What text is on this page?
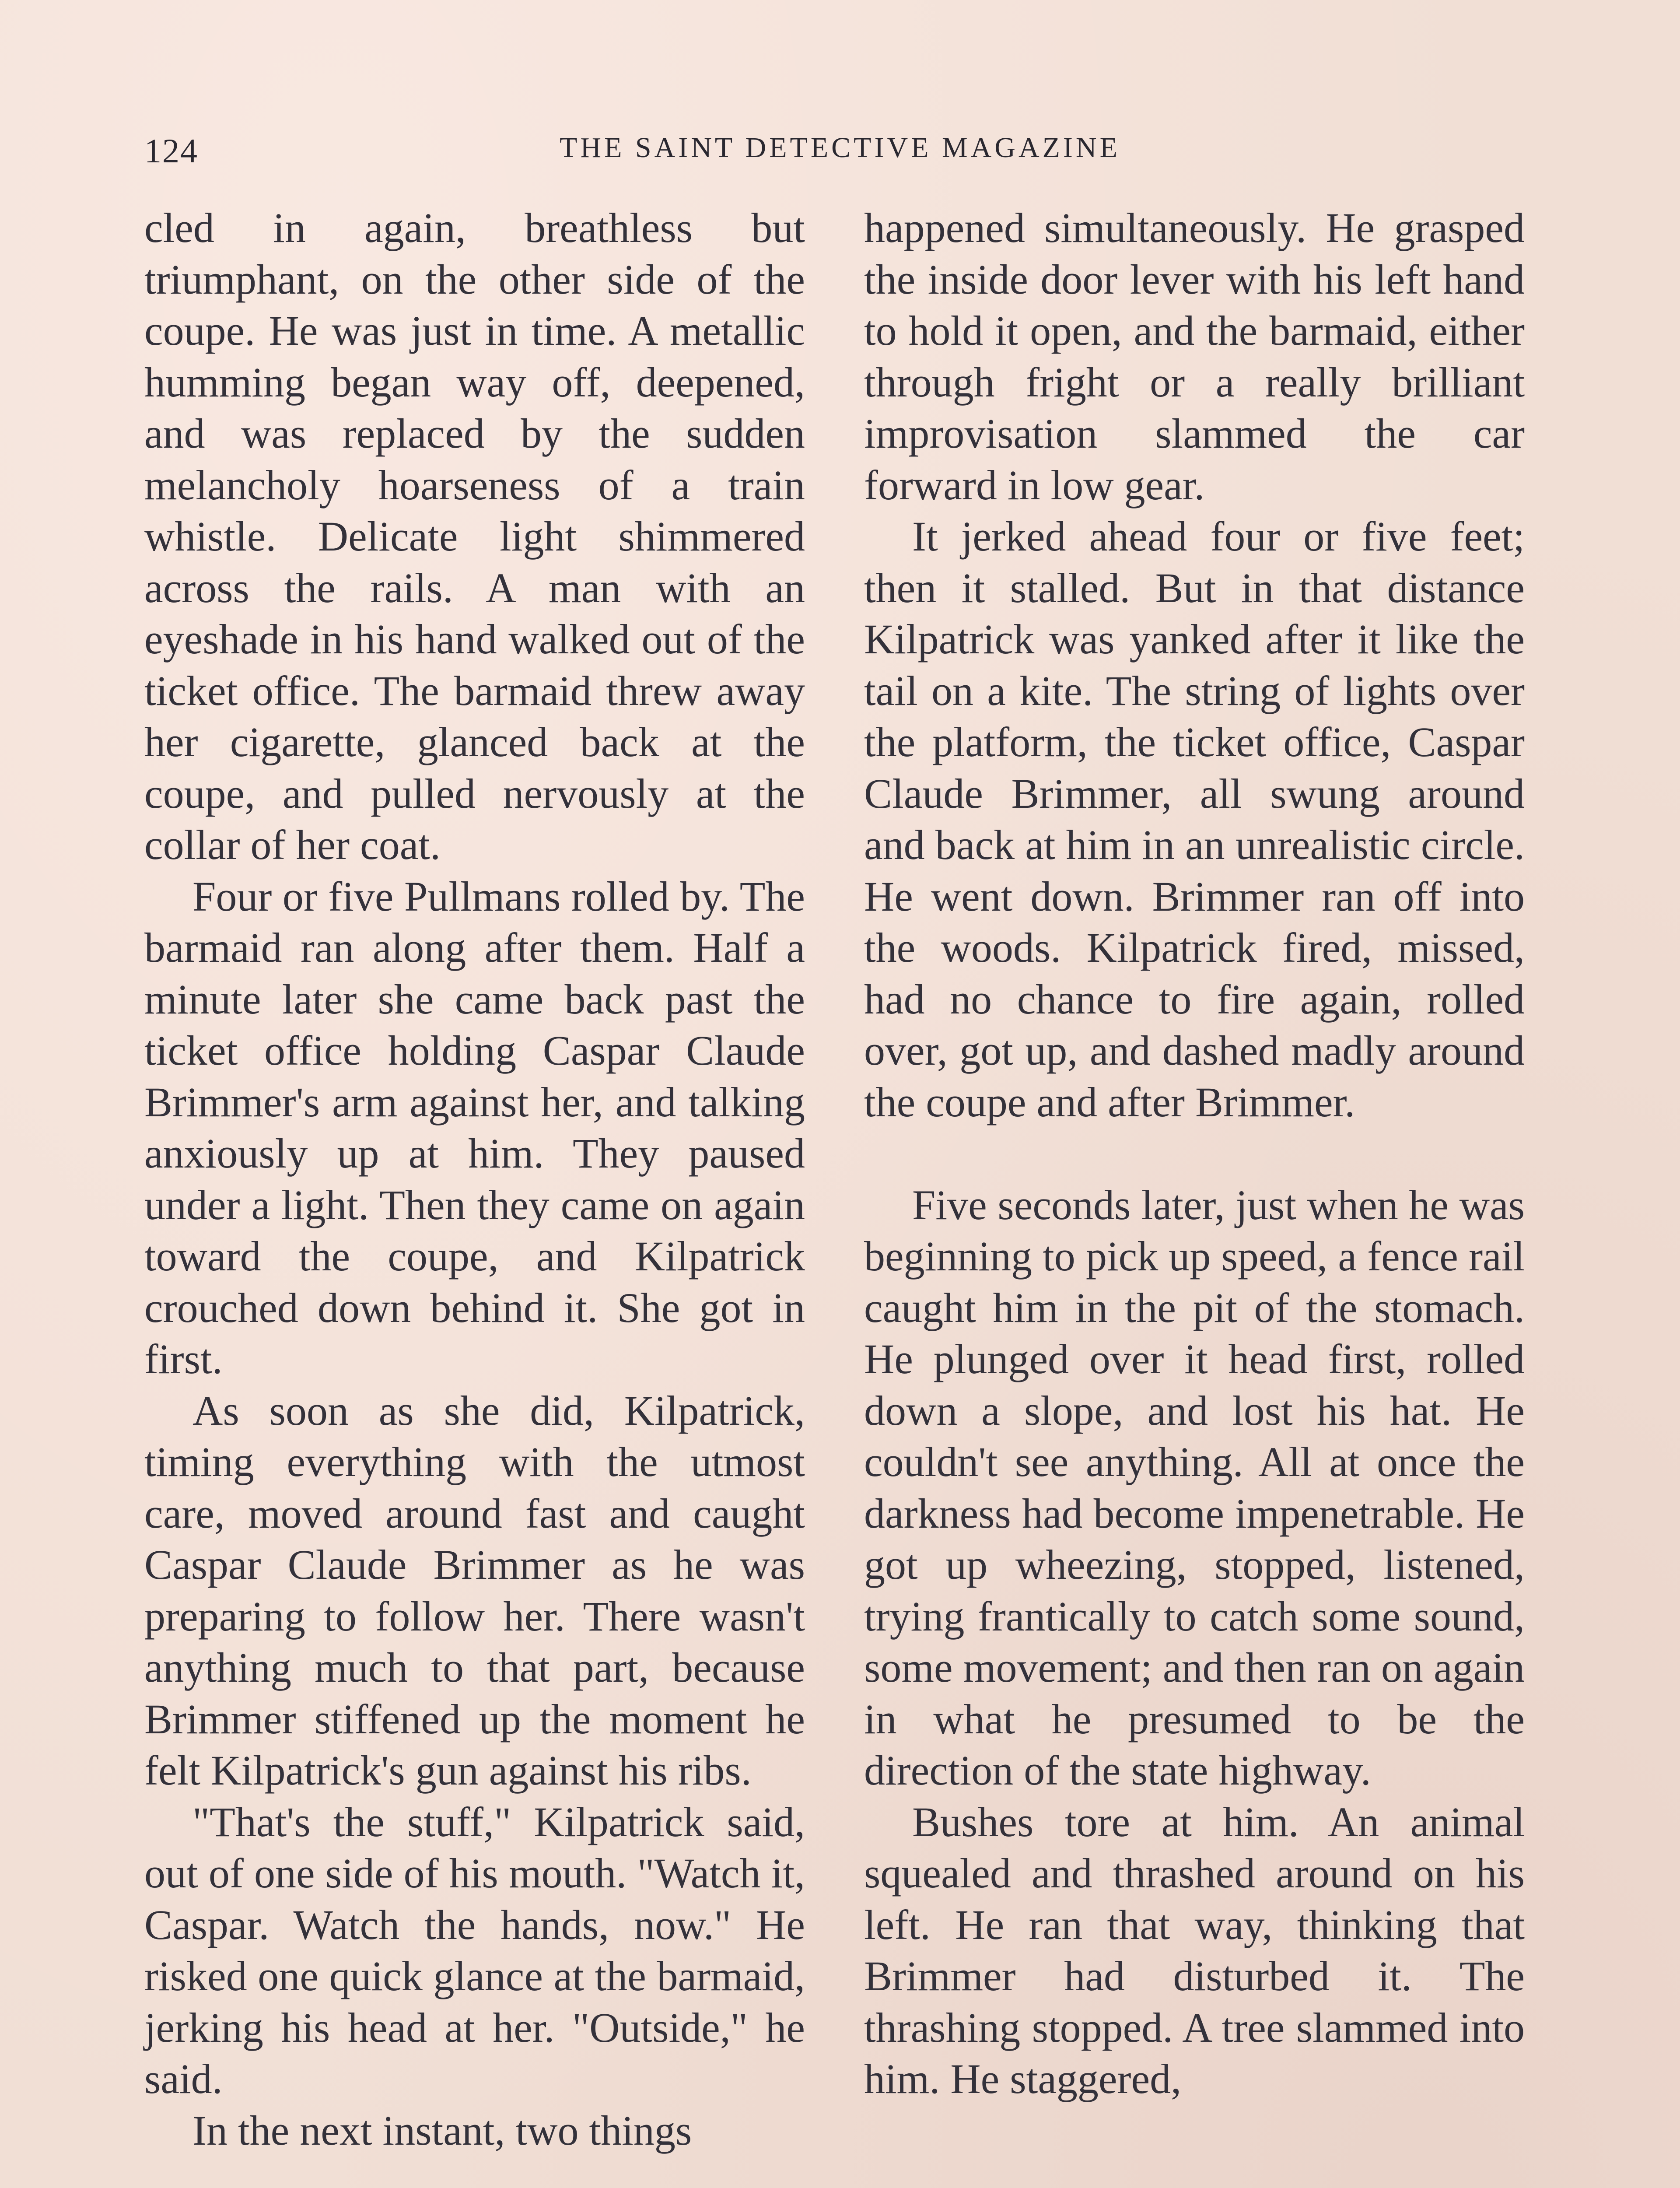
124	THE SAINT DETECTIVE MAGAZINE

cled in again, breathless but triumphant, on the other side of the coupe. He was just in time. A metallic humming began way off, deepened, and was replaced by the sudden melancholy hoarseness of a train whistle. Delicate light shimmered across the rails. A man with an eyeshade in his hand walked out of the ticket office. The barmaid threw away her cigarette, glanced back at the coupe, and pulled nervously at the collar of her coat.

Four or five Pullmans rolled by. The barmaid ran along after them. Half a minute later she came back past the ticket office holding Caspar Claude Brimmer's arm against her, and talking anxiously up at him. They paused under a light. Then they came on again toward the coupe, and Kilpatrick crouched down behind it. She got in first.

As soon as she did, Kilpatrick, timing everything with the utmost care, moved around fast and caught Caspar Claude Brimmer as he was preparing to follow her. There wasn't anything much to that part, because Brimmer stiffened up the moment he felt Kilpatrick's gun against his ribs.

"That's the stuff," Kilpatrick said, out of one side of his mouth. "Watch it, Caspar. Watch the hands, now." He risked one quick glance at the barmaid, jerking his head at her. "Outside," he said.

In the next instant, two things

happened simultaneously. He grasped the inside door lever with his left hand to hold it open, and the barmaid, either through fright or a really brilliant improvisation slammed the car forward in low gear.

It jerked ahead four or five feet; then it stalled. But in that distance Kilpatrick was yanked after it like the tail on a kite. The string of lights over the platform, the ticket office, Caspar Claude Brimmer, all swung around and back at him in an unrealistic circle. He went down. Brimmer ran off into the woods. Kilpatrick fired, missed, had no chance to fire again, rolled over, got up, and dashed madly around the coupe and after Brimmer.

Five seconds later, just when he was beginning to pick up speed, a fence rail caught him in the pit of the stomach. He plunged over it head first, rolled down a slope, and lost his hat. He couldn't see anything. All at once the darkness had become impenetrable. He got up wheezing, stopped, listened, trying frantically to catch some sound, some movement; and then ran on again in what he presumed to be the direction of the state highway.

Bushes tore at him. An animal squealed and thrashed around on his left. He ran that way, thinking that Brimmer had disturbed it. The thrashing stopped. A tree slammed into him. He staggered,
